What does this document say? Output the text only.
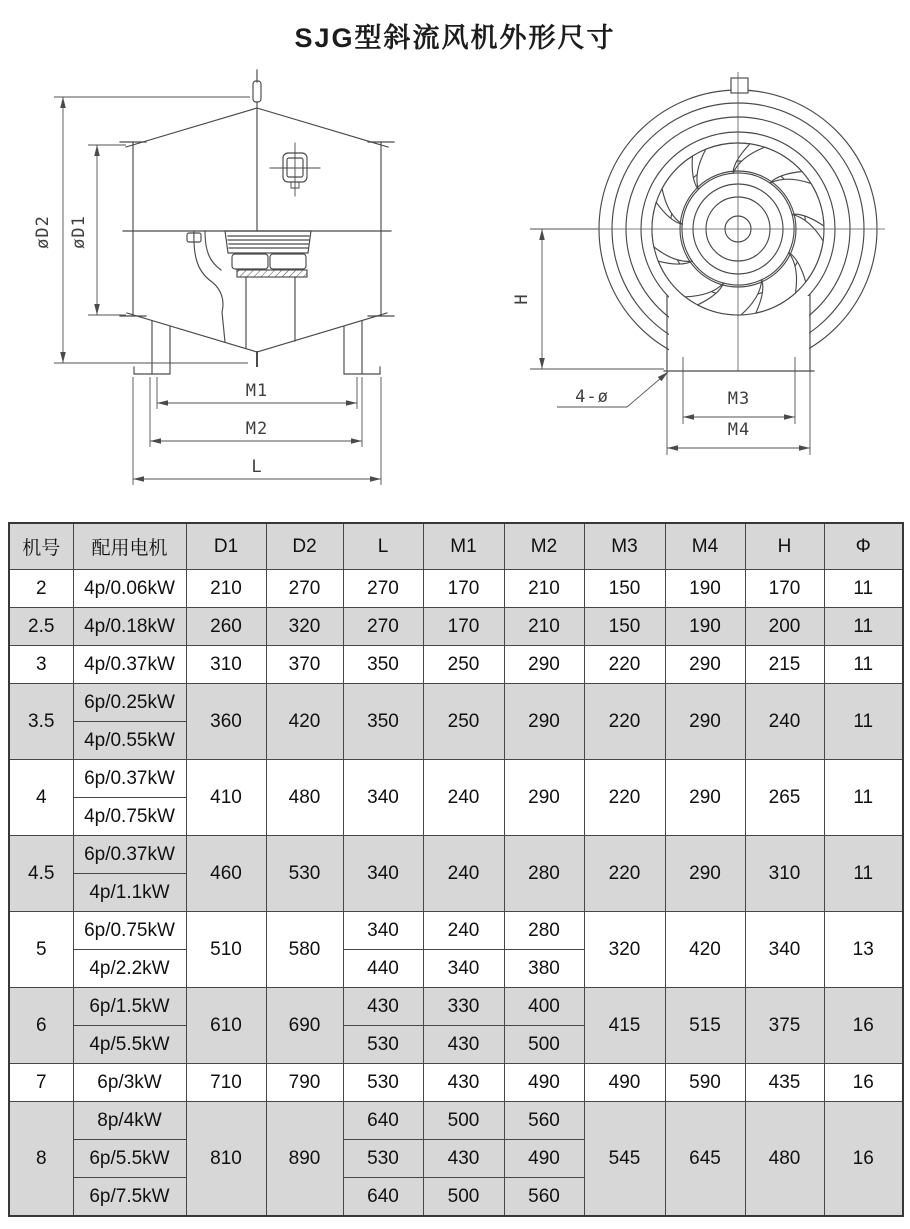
SJG型斜流风机外形尺寸
øD2 øD1
M1
M2
L
H
4-ø	M3
M4
机号	配用电机	D1	D2	L	M1	M2	M3	M4	H	Φ
2	4p/0.06kW	210	270	270	170	210	150	190	170	11
2.5	4p/0.18kW	260	320	270	170	210	150	190	200	11
3	4p/0.37kW	310	370	350	250	290	220	290	215	11
3.5	6p/0.25kW	360	420	350	250	290	220	290	240	11
	4p/0.55kW									
4	6p/0.37kW	410	480	340	240	290	220	290	265	11
	4p/0.75kW									
4.5	6p/0.37kW	460	530	340	240	280	220	290	310	11
	4p/1.1kW									
5	6p/0.75kW	510	580	340	240	280	320	420	340	13
	4p/2.2kW			440	340	380				
6	6p/1.5kW	610	690	430	330	400	415	515	375	16
	4p/5.5kW			530	430	500				
7	6p/3kW	710	790	530	430	490	490	590	435	16
8	8p/4kW	810	890	640	500	560	545	645	480	16
	6p/5.5kW			530	430	490				
	6p/7.5kW			640	500	560				
